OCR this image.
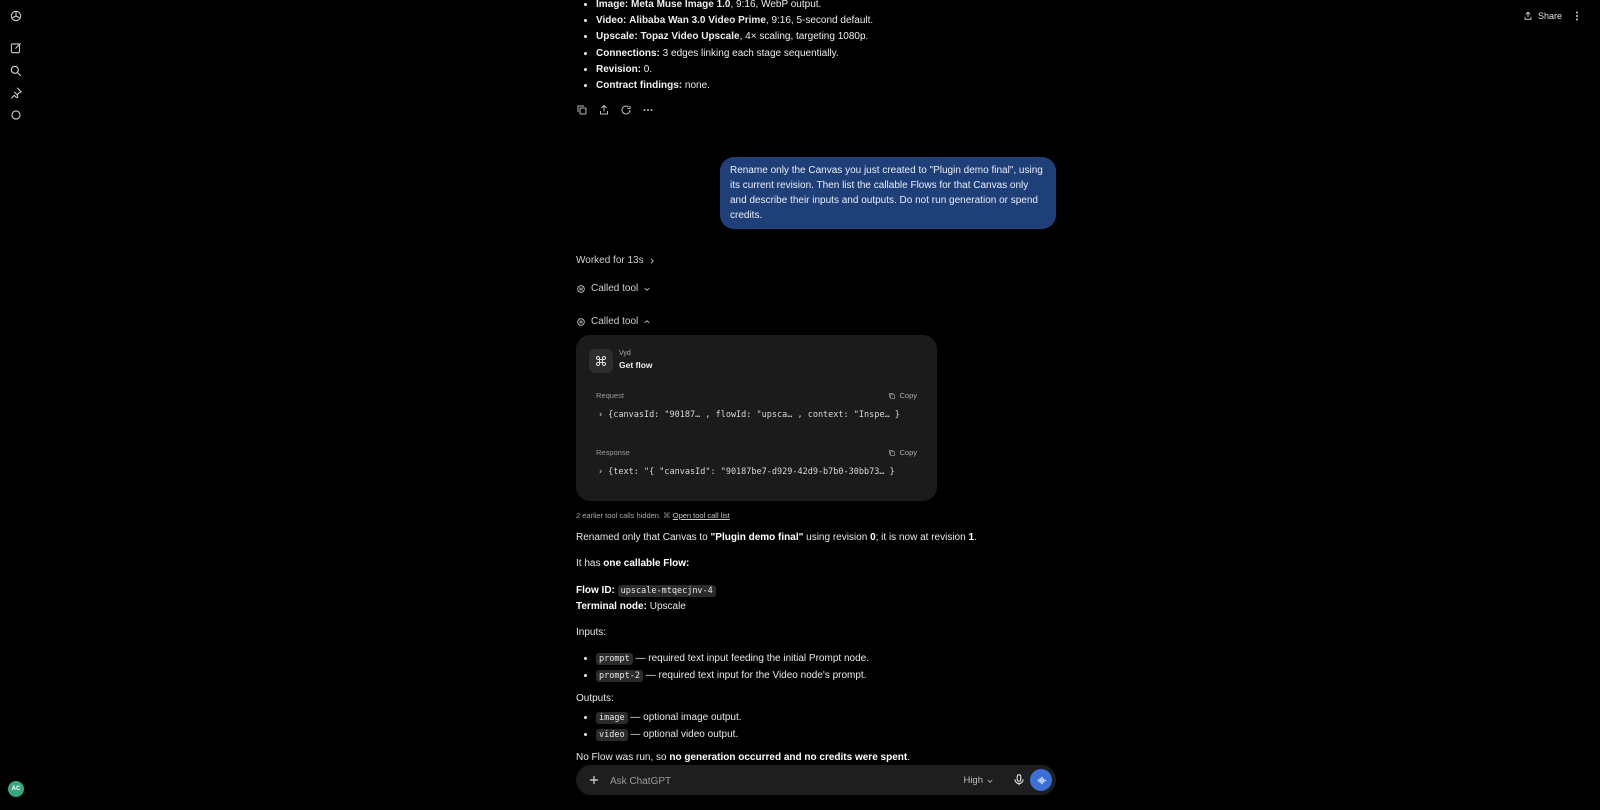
AC
Share
• Image: Meta Muse Image 1.0, 9:16, WebP output.
• Video: Alibaba Wan 3.0 Video Prime, 9:16, 5-second default.
• Upscale: Topaz Video Upscale, 4× scaling, targeting 1080p.
• Connections: 3 edges linking each stage sequentially.
• Revision: 0.
• Contract findings: none.
Rename only the Canvas you just created to "Plugin demo final", using its current revision. Then list the callable Flows for that Canvas only and describe their inputs and outputs. Do not run generation or spend credits.
Worked for 13s
Called tool
Called tool
Vyd
Get flow
Request	Copy
› {canvasId: "90187… , flowId: "upsca… , context: "Inspe… }
Response	Copy
› {text: "{ "canvasId": "90187be7-d929-42d9-b7b0-30bb73… }
2 earlier tool calls hidden. ⌘ Open tool call list
Renamed only that Canvas to "Plugin demo final" using revision 0; it is now at revision 1.
It has one callable Flow:
Flow ID: upscale-mtqecjnv-4
Terminal node: Upscale
Inputs:
• prompt — required text input feeding the initial Prompt node.
• prompt-2 — required text input for the Video node's prompt.
Outputs:
• image — optional image output.
• video — optional video output.
No Flow was run, so no generation occurred and no credits were spent.
Ask ChatGPT
High
